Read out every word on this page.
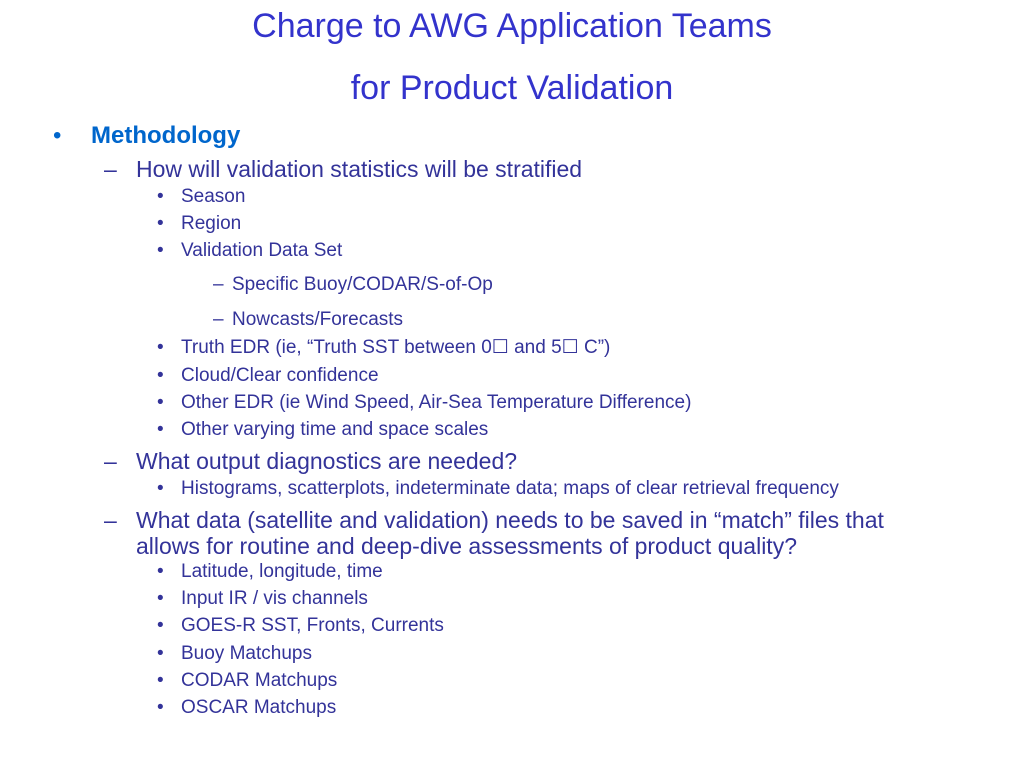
Charge to AWG Application Teams
for Product Validation
• Methodology
– How will validation statistics will be stratified
• Season
• Region
• Validation Data Set
– Specific Buoy/CODAR/S-of-Op
– Nowcasts/Forecasts
• Truth EDR (ie, “Truth SST between 0☐ and 5☐ C”)
• Cloud/Clear confidence
• Other EDR (ie Wind Speed, Air-Sea Temperature Difference)
• Other varying time and space scales
– What output diagnostics are needed?
• Histograms, scatterplots, indeterminate data; maps of clear retrieval frequency
– What data (satellite and validation) needs to be saved in “match” files that
allows for routine and deep-dive assessments of product quality?
• Latitude, longitude, time
• Input IR / vis channels
• GOES-R SST, Fronts, Currents
• Buoy Matchups
• CODAR Matchups
• OSCAR Matchups
